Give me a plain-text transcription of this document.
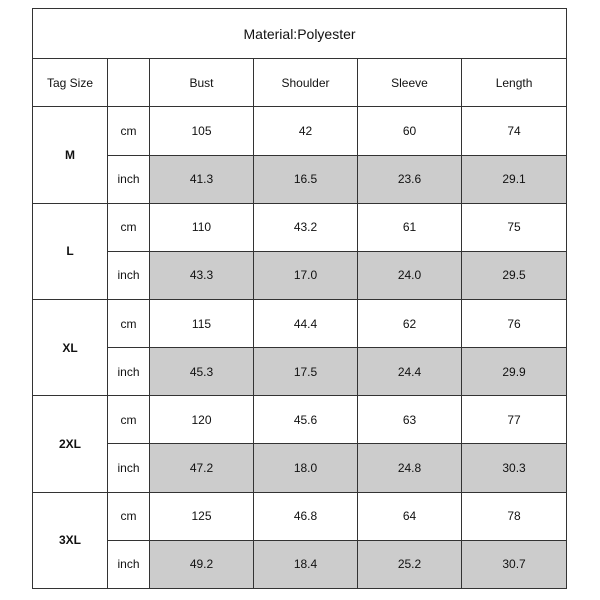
Material:Polyester					
Tag Size		Bust	Shoulder	Sleeve	Length
M	cm	105	42	60	74
	inch	41.3	16.5	23.6	29.1
L	cm	110	43.2	61	75
	inch	43.3	17.0	24.0	29.5
XL	cm	115	44.4	62	76
	inch	45.3	17.5	24.4	29.9
2XL	cm	120	45.6	63	77
	inch	47.2	18.0	24.8	30.3
3XL	cm	125	46.8	64	78
	inch	49.2	18.4	25.2	30.7
